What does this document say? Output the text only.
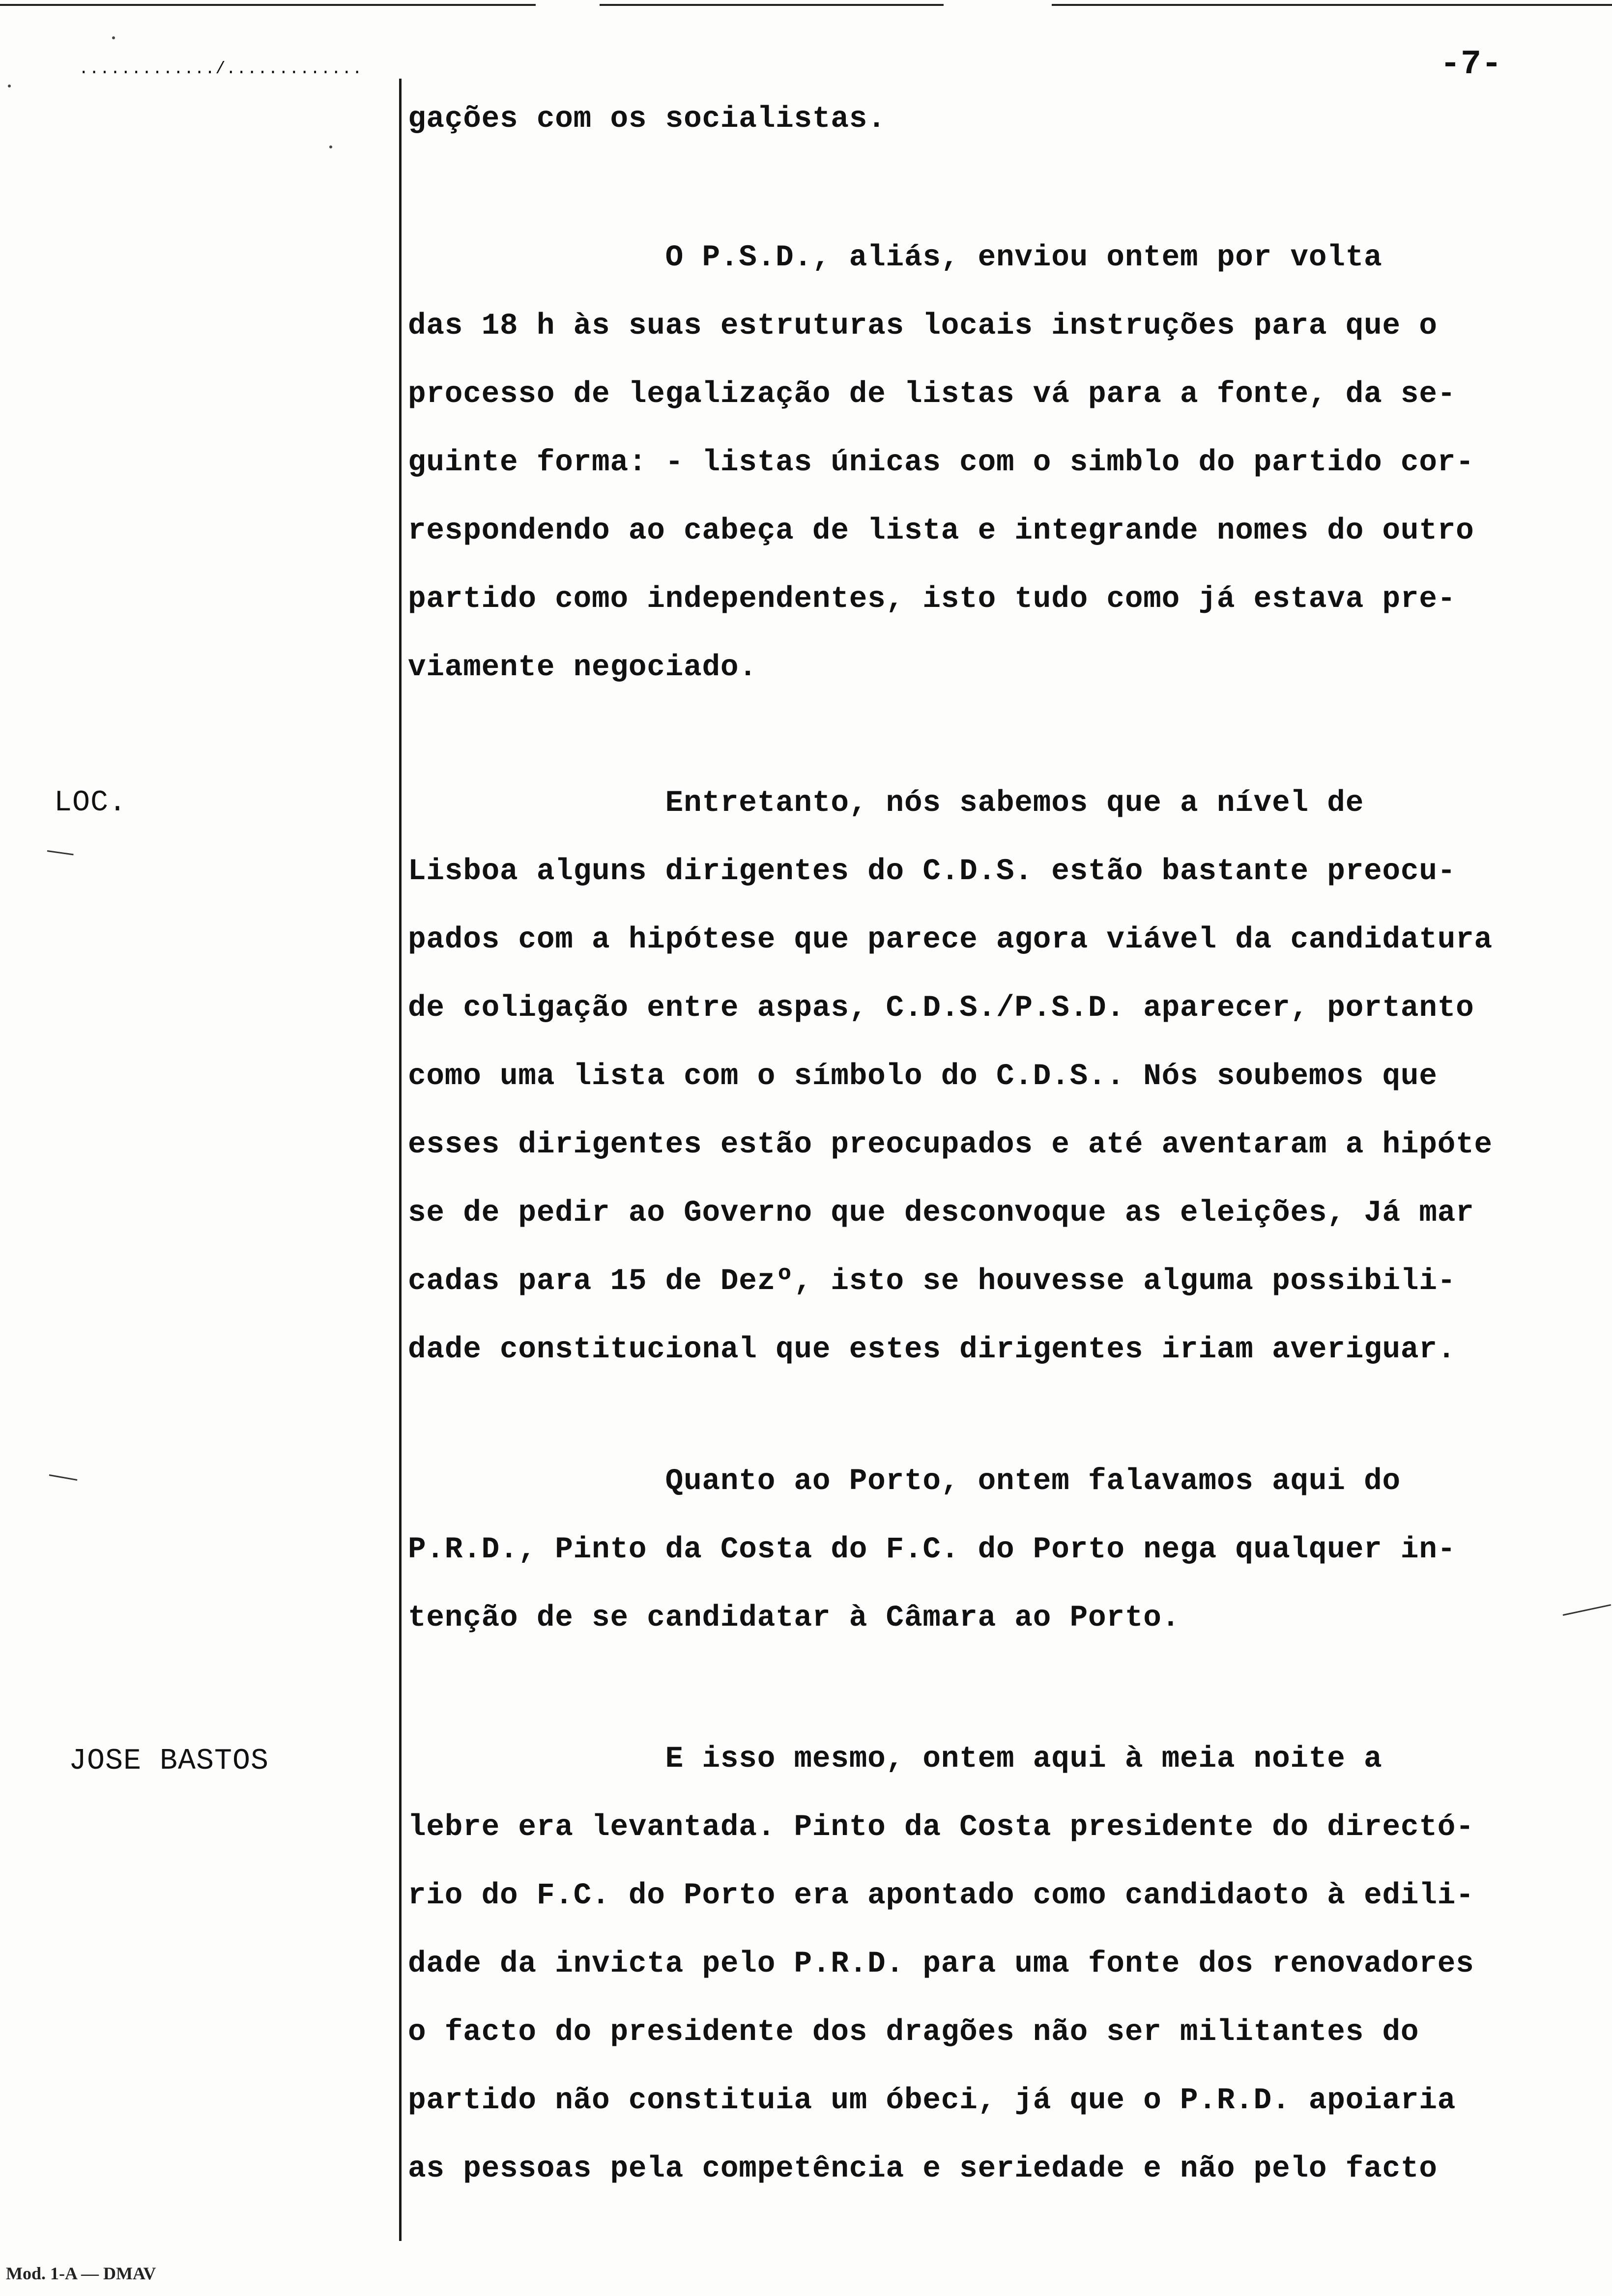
............./.............	-7-
LOC.
JOSE BASTOS
gações com os socialistas.
O P.S.D., aliás, enviou ontem por volta
das 18 h às suas estruturas locais instruções para que o
processo de legalização de listas vá para a fonte, da se-
guinte forma: - listas únicas com o simblo do partido cor-
respondendo ao cabeça de lista e integrande nomes do outro
partido como independentes, isto tudo como já estava pre-
viamente negociado.
Entretanto, nós sabemos que a nível de
Lisboa alguns dirigentes do C.D.S. estão bastante preocu-
pados com a hipótese que parece agora viável da candidatura
de coligação entre aspas, C.D.S./P.S.D. aparecer, portanto
como uma lista com o símbolo do C.D.S.. Nós soubemos que
esses dirigentes estão preocupados e até aventaram a hipóte
se de pedir ao Governo que desconvoque as eleições, Já mar
cadas para 15 de Dezº, isto se houvesse alguma possibili-
dade constitucional que estes dirigentes iriam averiguar.
Quanto ao Porto, ontem falavamos aqui do
P.R.D., Pinto da Costa do F.C. do Porto nega qualquer in-
tenção de se candidatar à Câmara ao Porto.
E isso mesmo, ontem aqui à meia noite a
lebre era levantada. Pinto da Costa presidente do directó-
rio do F.C. do Porto era apontado como candidaoto à edili-
dade da invicta pelo P.R.D. para uma fonte dos renovadores
o facto do presidente dos dragões não ser militantes do
partido não constituia um óbeci, já que o P.R.D. apoiaria
as pessoas pela competência e seriedade e não pelo facto
Mod. 1-A — DMAV
